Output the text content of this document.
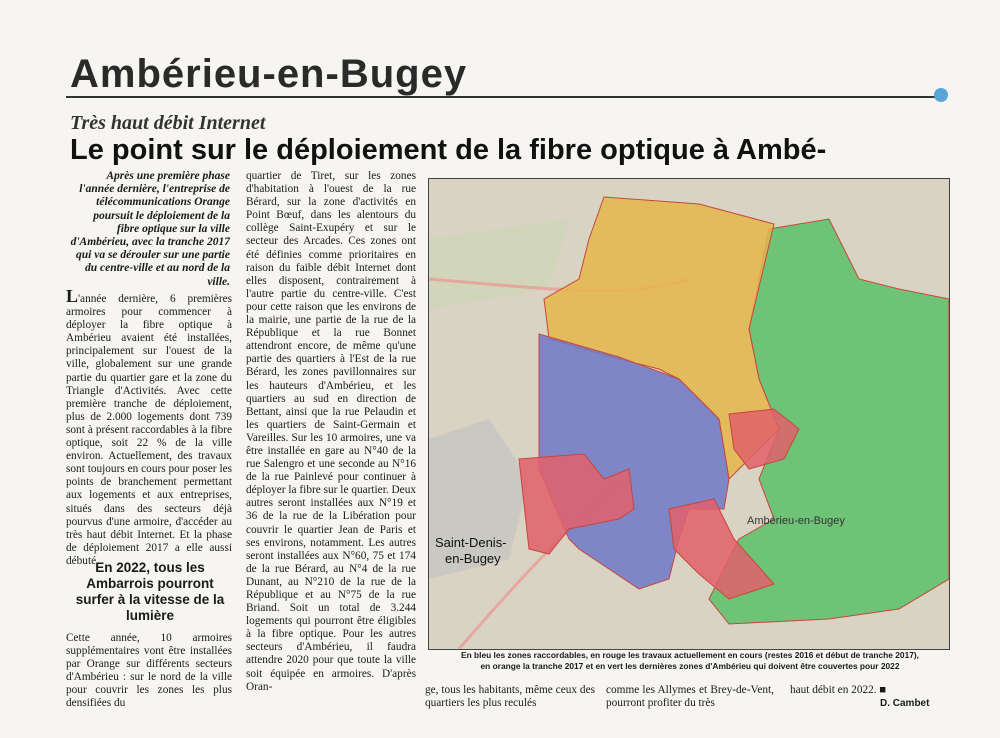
Ambérieu-en-Bugey
Très haut débit Internet
Le point sur le déploiement de la fibre optique à Ambé-
Après une première phase l'année dernière, l'entreprise de télécommunications Orange poursuit le déploiement de la fibre optique sur la ville d'Ambérieu, avec la tranche 2017 qui va se dérouler sur une partie du centre-ville et au nord de la ville.
L'année dernière, 6 premières armoires pour commencer à déployer la fibre optique à Ambérieu avaient été installées, principalement sur l'ouest de la ville, globalement sur une grande partie du quartier gare et la zone du Triangle d'Activités. Avec cette première tranche de déploiement, plus de 2.000 logements dont 739 sont à présent raccordables à la fibre optique, soit 22 % de la ville environ. Actuellement, des travaux sont toujours en cours pour poser les points de branchement permettant aux logements et aux entreprises, situés dans des secteurs déjà pourvus d'une armoire, d'accéder au très haut débit Internet. Et la phase de déploiement 2017 a elle aussi débuté.
En 2022, tous les Ambarrois pourront surfer à la vitesse de la lumière
Cette année, 10 armoires supplémentaires vont être installées par Orange sur différents secteurs d'Ambérieu : sur le nord de la ville pour couvrir les zones les plus densifiées du
quartier de Tiret, sur les zones d'habitation à l'ouest de la rue Bérard, sur la zone d'activités en Point Bœuf, dans les alentours du collège Saint-Exupéry et sur le secteur des Arcades. Ces zones ont été définies comme prioritaires en raison du faible débit Internet dont elles disposent, contrairement à l'autre partie du centre-ville. C'est pour cette raison que les environs de la mairie, une partie de la rue de la République et la rue Bonnet attendront encore, de même qu'une partie des quartiers à l'Est de la rue Bérard, les zones pavillonnaires sur les hauteurs d'Ambérieu, et les quartiers au sud en direction de Bettant, ainsi que la rue Pelaudin et les quartiers de Saint-Germain et Vareilles. Sur les 10 armoires, une va être installée en gare au N°40 de la rue Salengro et une seconde au N°16 de la rue Painlevé pour continuer à déployer la fibre sur le quartier. Deux autres seront installées aux N°19 et 36 de la rue de la Libération pour couvrir le quartier Jean de Paris et ses environs, notamment. Les autres seront installées aux N°60, 75 et 174 de la rue Bérard, au N°4 de la rue Dunant, au N°210 de la rue de la République et au N°75 de la rue Briand. Soit un total de 3.244 logements qui pourront être éligibles à la fibre optique. Pour les autres secteurs d'Ambérieu, il faudra attendre 2020 pour que toute la ville soit équipée en armoires. D'après Oran-
Saint-Denis-
en-Bugey
Ambérieu-en-Bugey
En bleu les zones raccordables, en rouge les travaux actuellement en cours (restes 2016 et début de tranche 2017),
en orange la tranche 2017 et en vert les dernières zones d'Ambérieu qui doivent être couvertes pour 2022
ge, tous les habitants, même ceux des quartiers les plus reculés
comme les Allymes et Brey-de-Vent, pourront profiter du très
haut débit en 2022. ■
D. Cambet
